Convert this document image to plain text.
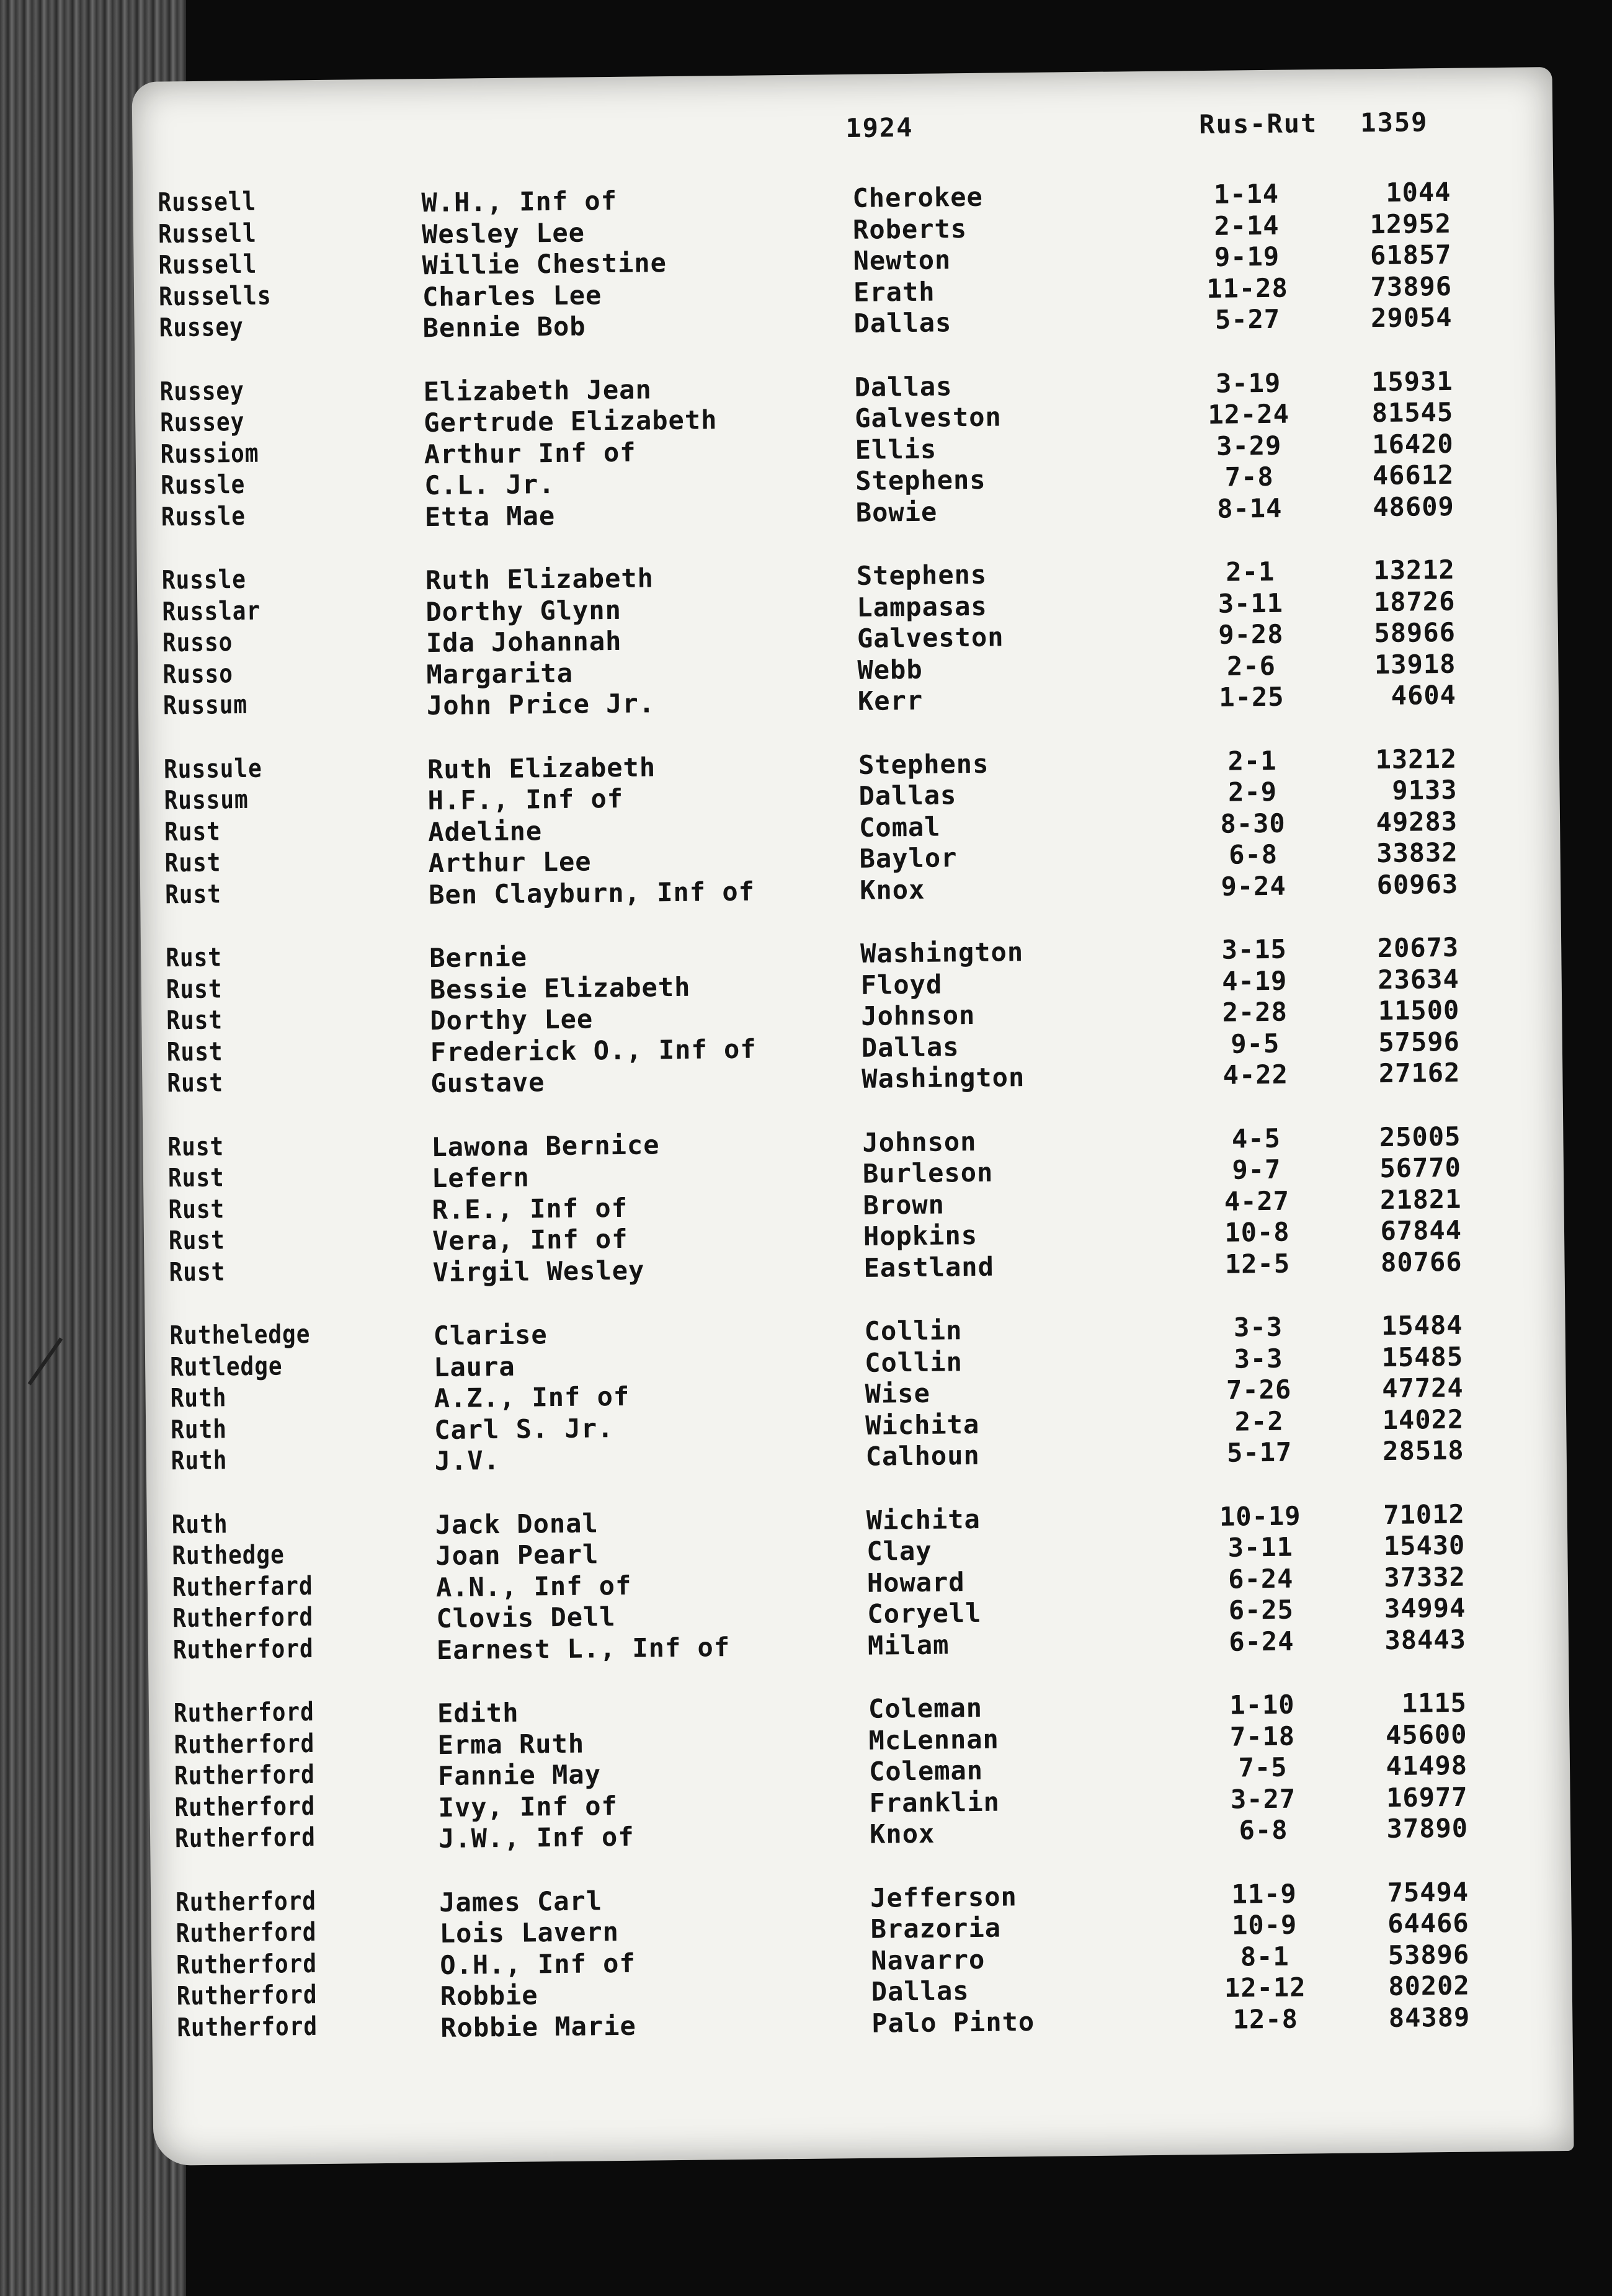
1924	Rus-Rut 1359
Russell	W.H., Inf of	Cherokee	1-14	1044
Russell	Wesley Lee	Roberts	2-14	12952
Russell	Willie Chestine	Newton	9-19	61857
Russells	Charles Lee	Erath	11-28	73896
Russey	Bennie Bob	Dallas	5-27	29054
Russey	Elizabeth Jean	Dallas	3-19	15931
Russey	Gertrude Elizabeth	Galveston	12-24	81545
Russiom	Arthur Inf of	Ellis	3-29	16420
Russle	C.L. Jr.	Stephens	7-8	46612
Russle	Etta Mae	Bowie	8-14	48609
Russle	Ruth Elizabeth	Stephens	2-1	13212
Russlar	Dorthy Glynn	Lampasas	3-11	18726
Russo	Ida Johannah	Galveston	9-28	58966
Russo	Margarita	Webb	2-6	13918
Russum	John Price Jr.	Kerr	1-25	4604
Russule	Ruth Elizabeth	Stephens	2-1	13212
Russum	H.F., Inf of	Dallas	2-9	9133
Rust	Adeline	Comal	8-30	49283
Rust	Arthur Lee	Baylor	6-8	33832
Rust	Ben Clayburn, Inf of	Knox	9-24	60963
Rust	Bernie	Washington	3-15	20673
Rust	Bessie Elizabeth	Floyd	4-19	23634
Rust	Dorthy Lee	Johnson	2-28	11500
Rust	Frederick O., Inf of	Dallas	9-5	57596
Rust	Gustave	Washington	4-22	27162
Rust	Lawona Bernice	Johnson	4-5	25005
Rust	Lefern	Burleson	9-7	56770
Rust	R.E., Inf of	Brown	4-27	21821
Rust	Vera, Inf of	Hopkins	10-8	67844
Rust	Virgil Wesley	Eastland	12-5	80766
Rutheledge	Clarise	Collin	3-3	15484
Rutledge	Laura	Collin	3-3	15485
Ruth	A.Z., Inf of	Wise	7-26	47724
Ruth	Carl S. Jr.	Wichita	2-2	14022
Ruth	J.V.	Calhoun	5-17	28518
Ruth	Jack Donal	Wichita	10-19	71012
Ruthedge	Joan Pearl	Clay	3-11	15430
Rutherfard	A.N., Inf of	Howard	6-24	37332
Rutherford	Clovis Dell	Coryell	6-25	34994
Rutherford	Earnest L., Inf of	Milam	6-24	38443
Rutherford	Edith	Coleman	1-10	1115
Rutherford	Erma Ruth	McLennan	7-18	45600
Rutherford	Fannie May	Coleman	7-5	41498
Rutherford	Ivy, Inf of	Franklin	3-27	16977
Rutherford	J.W., Inf of	Knox	6-8	37890
Rutherford	James Carl	Jefferson	11-9	75494
Rutherford	Lois Lavern	Brazoria	10-9	64466
Rutherford	O.H., Inf of	Navarro	8-1	53896
Rutherford	Robbie	Dallas	12-12	80202
Rutherford	Robbie Marie	Palo Pinto	12-8	84389
